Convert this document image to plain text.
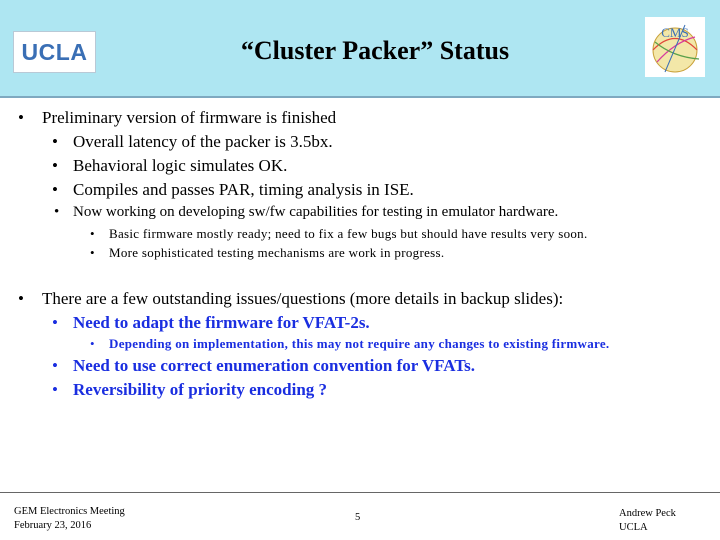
UCLA	“Cluster Packer” Status
CMS
• Preliminary version of firmware is finished
• Overall latency of the packer is 3.5bx.
• Behavioral logic simulates OK.
• Compiles and passes PAR, timing analysis in ISE.
• Now working on developing sw/fw capabilities for testing in emulator hardware.
• Basic firmware mostly ready; need to fix a few bugs but should have results very soon.
• More sophisticated testing mechanisms are work in progress.
• There are a few outstanding issues/questions (more details in backup slides):
• Need to adapt the firmware for VFAT-2s.
• Depending on implementation, this may not require any changes to existing firmware.
• Need to use correct enumeration convention for VFATs.
• Reversibility of priority encoding ?
GEM Electronics Meeting
February 23, 2016
5	Andrew Peck
UCLA
